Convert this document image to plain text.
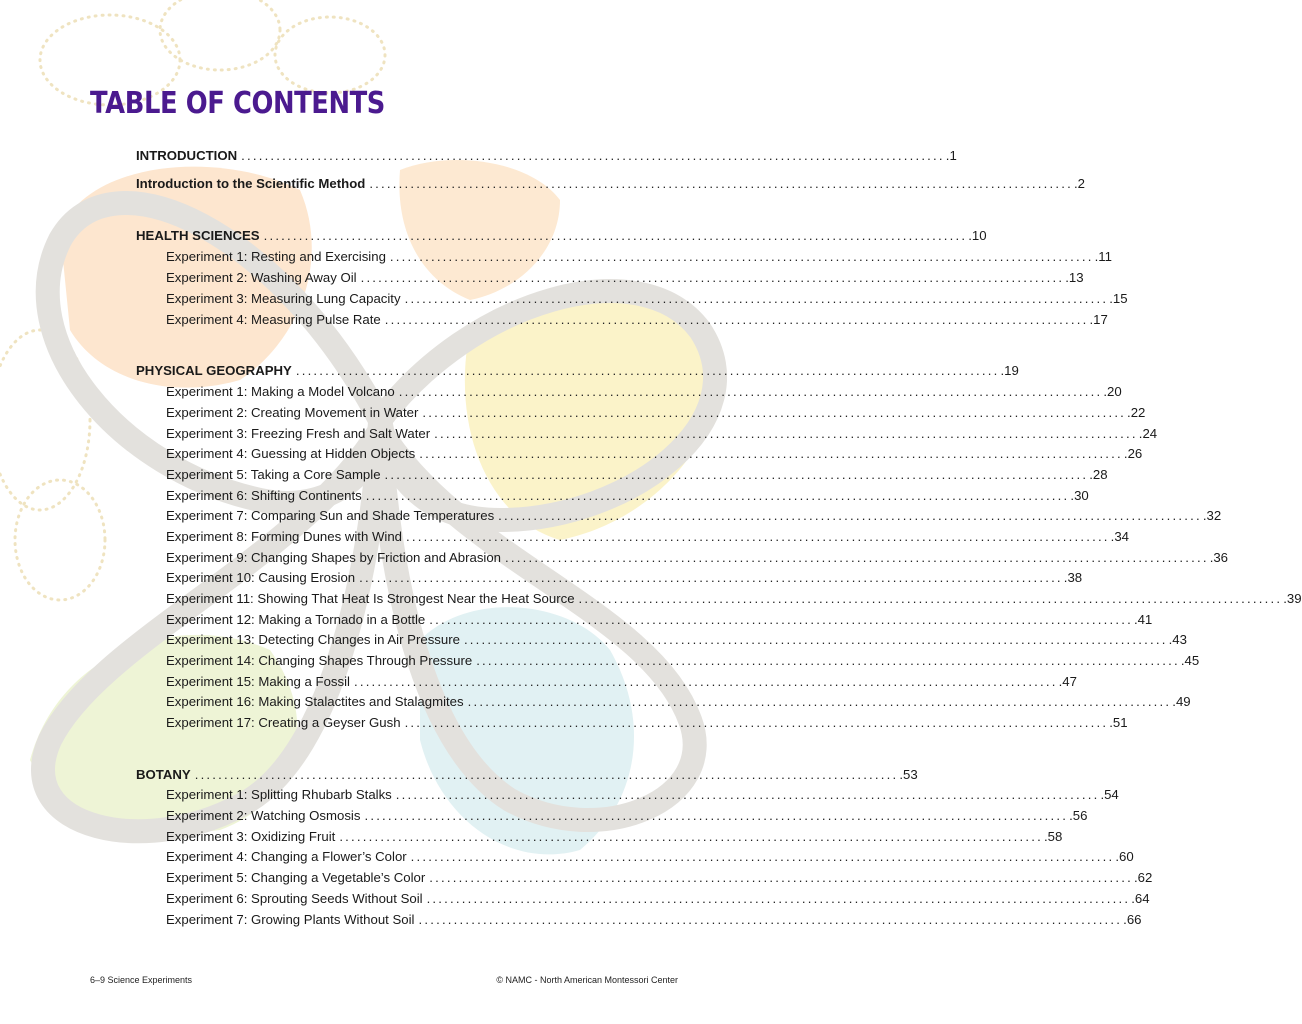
TABLE OF CONTENTS
INTRODUCTION ........................................................................................................................ .1
Introduction to the Scientific Method ........................................................................................................................ .2
HEALTH SCIENCES ........................................................................................................................ .10
Experiment 1: Resting and Exercising ........................................................................................................................ .11
Experiment 2: Washing Away Oil ........................................................................................................................ .13
Experiment 3: Measuring Lung Capacity ........................................................................................................................ .15
Experiment 4: Measuring Pulse Rate ........................................................................................................................ .17
PHYSICAL GEOGRAPHY ........................................................................................................................ .19
Experiment 1: Making a Model Volcano ........................................................................................................................ .20
Experiment 2: Creating Movement in Water ........................................................................................................................ .22
Experiment 3: Freezing Fresh and Salt Water ........................................................................................................................ .24
Experiment 4: Guessing at Hidden Objects ........................................................................................................................ .26
Experiment 5: Taking a Core Sample ........................................................................................................................ .28
Experiment 6: Shifting Continents ........................................................................................................................ .30
Experiment 7: Comparing Sun and Shade Temperatures ........................................................................................................................ .32
Experiment 8: Forming Dunes with Wind ........................................................................................................................ .34
Experiment 9: Changing Shapes by Friction and Abrasion ........................................................................................................................ .36
Experiment 10: Causing Erosion ........................................................................................................................ .38
Experiment 11: Showing That Heat Is Strongest Near the Heat Source ........................................................................................................................ .39
Experiment 12: Making a Tornado in a Bottle ........................................................................................................................ .41
Experiment 13: Detecting Changes in Air Pressure ........................................................................................................................ .43
Experiment 14: Changing Shapes Through Pressure ........................................................................................................................ .45
Experiment 15: Making a Fossil ........................................................................................................................ .47
Experiment 16: Making Stalactites and Stalagmites ........................................................................................................................ .49
Experiment 17: Creating a Geyser Gush ........................................................................................................................ .51
BOTANY ........................................................................................................................ .53
Experiment 1: Splitting Rhubarb Stalks ........................................................................................................................ .54
Experiment 2: Watching Osmosis ........................................................................................................................ .56
Experiment 3: Oxidizing Fruit ........................................................................................................................ .58
Experiment 4: Changing a Flower’s Color ........................................................................................................................ .60
Experiment 5: Changing a Vegetable’s Color ........................................................................................................................ .62
Experiment 6: Sprouting Seeds Without Soil ........................................................................................................................ .64
Experiment 7: Growing Plants Without Soil ........................................................................................................................ .66
6–9 Science Experiments	© NAMC - North American Montessori Center
